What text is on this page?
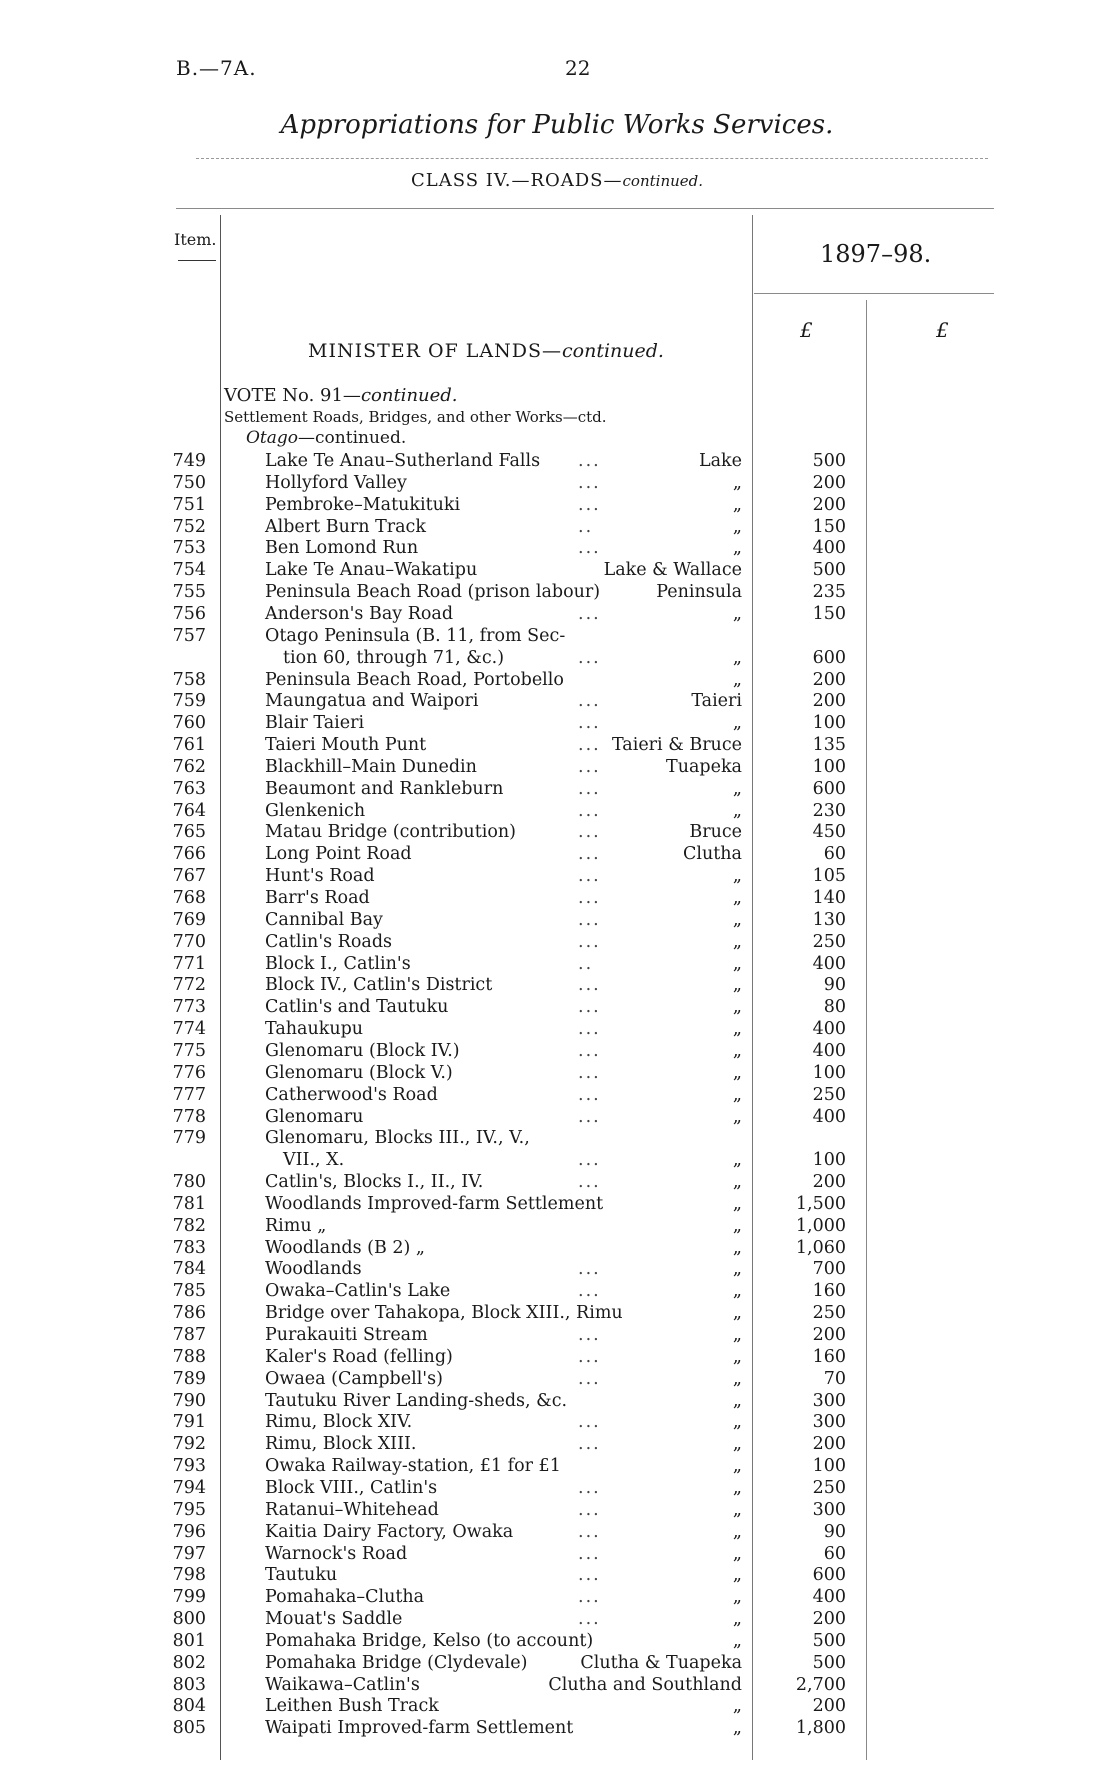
B.—7A.	22
Appropriations for Public Works Services.
CLASS IV.—ROADS—continued.
Item.
1897–98.
£	£
MINISTER OF LANDS—continued.
VOTE No. 91—continued.
Settlement Roads, Bridges, and other Works—ctd.
Otago—continued.
749	Lake Te Anau–Sutherland Falls ...	Lake	500
750	Hollyford Valley	...	„	200
751	Pembroke–Matukituki	...	„	200
752	Albert Burn Track	..	„	150
753	Ben Lomond Run	...	„	400
754	Lake Te Anau–Wakatipu	Lake & Wallace	500
755	Peninsula Beach Road (prison labour)	Peninsula	235
756	Anderson's Bay Road	...	„	150
757	Otago Peninsula (B. 11, from Sec-
tion 60, through 71, &c.)	...	„	600
758	Peninsula Beach Road, Portobello	„	200
759	Maungatua and Waipori	...	Taieri	200
760	Blair Taieri	...	„	100
761	Taieri Mouth Punt	... Taieri & Bruce	135
762	Blackhill–Main Dunedin	...	Tuapeka	100
763	Beaumont and Rankleburn	...	„	600
764	Glenkenich	...	„	230
765	Matau Bridge (contribution)	...	Bruce	450
766	Long Point Road	...	Clutha	60
767	Hunt's Road	...	„	105
768	Barr's Road	...	„	140
769	Cannibal Bay	...	„	130
770	Catlin's Roads	...	„	250
771	Block I., Catlin's	..	„	400
772	Block IV., Catlin's District	...	„	90
773	Catlin's and Tautuku	...	„	80
774	Tahaukupu	...	„	400
775	Glenomaru (Block IV.)	...	„	400
776	Glenomaru (Block V.)	...	„	100
777	Catherwood's Road	...	„	250
778	Glenomaru	...	„	400
779	Glenomaru, Blocks III., IV., V.,
VII., X.	...	„	100
780	Catlin's, Blocks I., II., IV.	...	„	200
781	Woodlands Improved-farm Settlement	„	1,500
782	Rimu „	„	1,000
783	Woodlands (B 2) „	„	1,060
784	Woodlands	...	„	700
785	Owaka–Catlin's Lake	...	„	160
786	Bridge over Tahakopa, Block XIII., Rimu	„	250
787	Purakauiti Stream	...	„	200
788	Kaler's Road (felling)	...	„	160
789	Owaea (Campbell's)	...	„	70
790	Tautuku River Landing-sheds, &c.	„	300
791	Rimu, Block XIV.	...	„	300
792	Rimu, Block XIII.	...	„	200
793	Owaka Railway-station, £1 for £1	„	100
794	Block VIII., Catlin's	...	„	250
795	Ratanui–Whitehead	...	„	300
796	Kaitia Dairy Factory, Owaka	...	„	90
797	Warnock's Road	...	„	60
798	Tautuku	...	„	600
799	Pomahaka–Clutha	...	„	400
800	Mouat's Saddle	...	„	200
801	Pomahaka Bridge, Kelso (to account)	„	500
802	Pomahaka Bridge (Clydevale)	Clutha & Tuapeka	500
803	Waikawa–Catlin's	Clutha and Southland	2,700
804	Leithen Bush Track	„	200
805	Waipati Improved-farm Settlement	„	1,800
